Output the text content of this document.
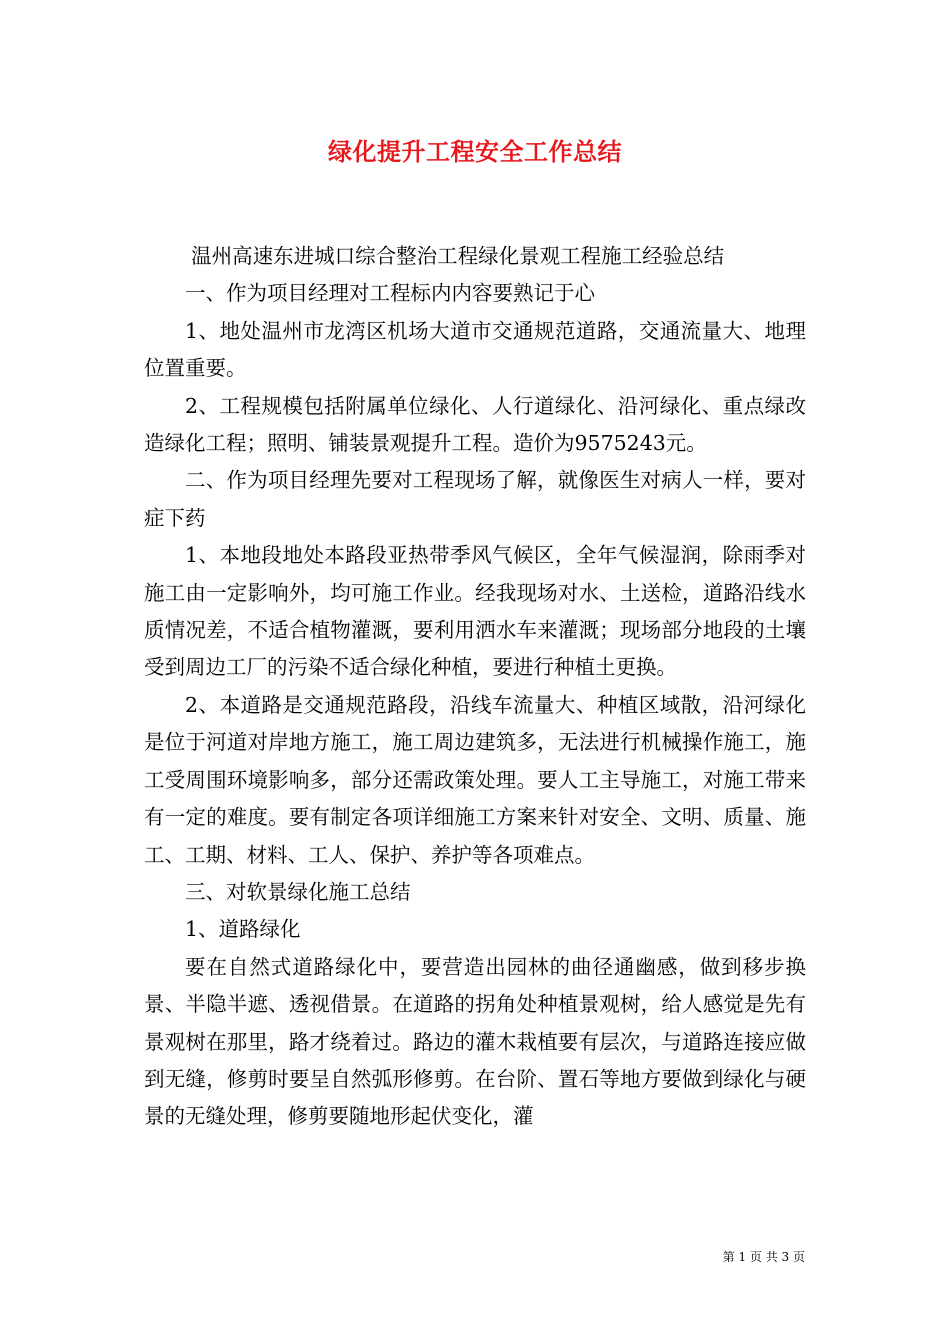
绿化提升工程安全工作总结

温州高速东进城口综合整治工程绿化景观工程施工经验总结

一、作为项目经理对工程标内内容要熟记于心

1、地处温州市龙湾区机场大道市交通规范道路，交通流量大、地理位置重要。

2、工程规模包括附属单位绿化、人行道绿化、沿河绿化、重点绿改造绿化工程；照明、铺装景观提升工程。造价为9575243元。

二、作为项目经理先要对工程现场了解，就像医生对病人一样，要对症下药

1、本地段地处本路段亚热带季风气候区，全年气候湿润，除雨季对施工由一定影响外，均可施工作业。经我现场对水、土送检，道路沿线水质情况差，不适合植物灌溉，要利用洒水车来灌溉；现场部分地段的土壤受到周边工厂的污染不适合绿化种植，要进行种植土更换。

2、本道路是交通规范路段，沿线车流量大、种植区域散，沿河绿化是位于河道对岸地方施工，施工周边建筑多，无法进行机械操作施工，施工受周围环境影响多，部分还需政策处理。要人工主导施工，对施工带来有一定的难度。要有制定各项详细施工方案来针对安全、文明、质量、施工、工期、材料、工人、保护、养护等各项难点。

三、对软景绿化施工总结

1、道路绿化

要在自然式道路绿化中，要营造出园林的曲径通幽感，做到移步换景、半隐半遮、透视借景。在道路的拐角处种植景观树，给人感觉是先有景观树在那里，路才绕着过。路边的灌木栽植要有层次，与道路连接应做到无缝，修剪时要呈自然弧形修剪。在台阶、置石等地方要做到绿化与硬景的无缝处理，修剪要随地形起伏变化，灌

第 1 页 共 3 页
